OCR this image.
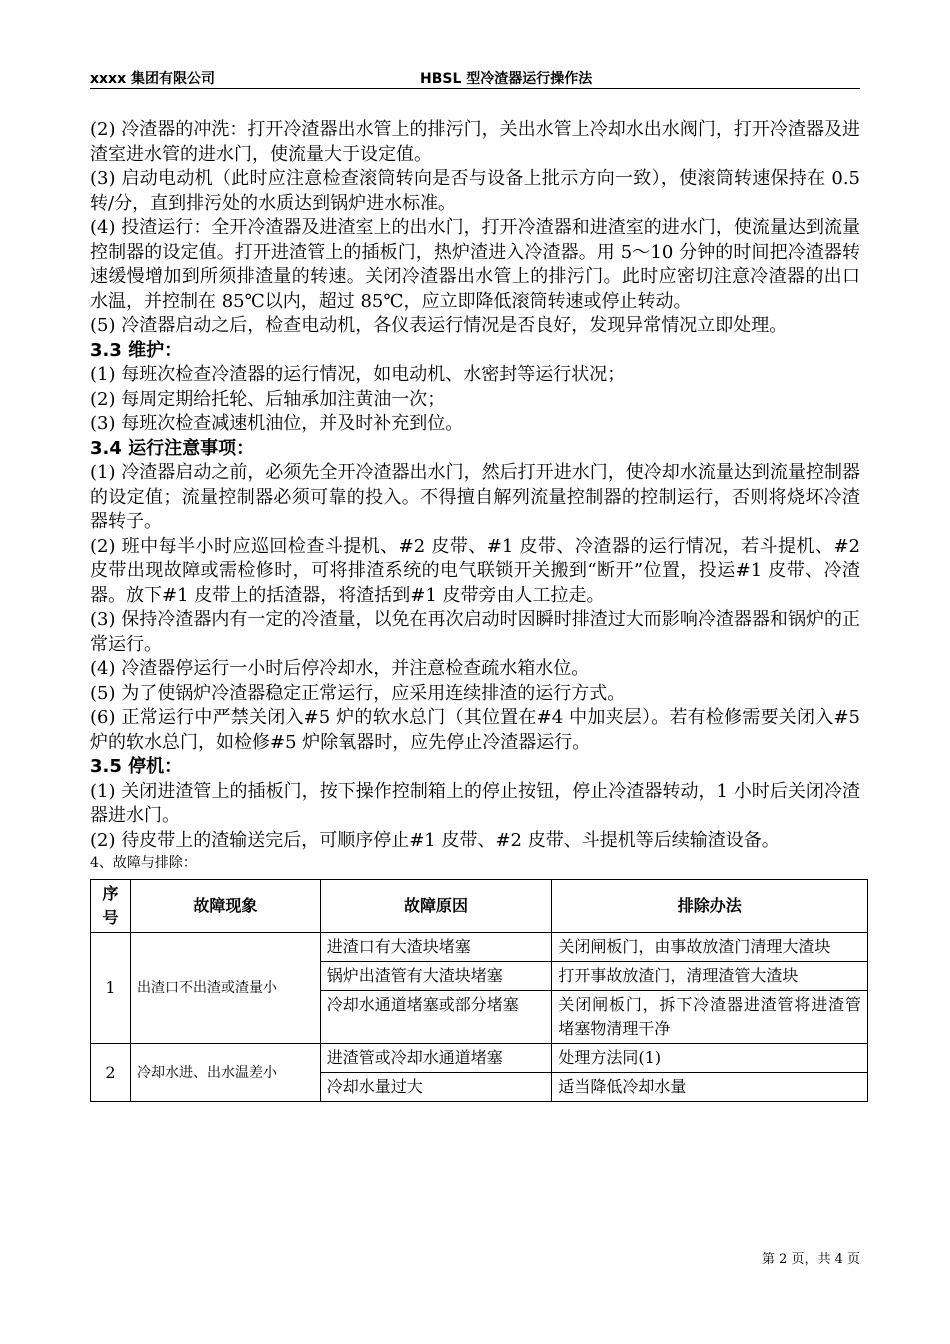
xxxx 集团有限公司	HBSL 型冷渣器运行操作法

(2) 冷渣器的冲洗：打开冷渣器出水管上的排污门，关出水管上冷却水出水阀门，打开冷渣器及进渣室进水管的进水门，使流量大于设定值。

(3) 启动电动机（此时应注意检查滚筒转向是否与设备上批示方向一致），使滚筒转速保持在 0.5 转/分，直到排污处的水质达到锅炉进水标准。

(4) 投渣运行：全开冷渣器及进渣室上的出水门，打开冷渣器和进渣室的进水门，使流量达到流量控制器的设定值。打开进渣管上的插板门，热炉渣进入冷渣器。用 5～10 分钟的时间把冷渣器转速缓慢增加到所须排渣量的转速。关闭冷渣器出水管上的排污门。此时应密切注意冷渣器的出口水温，并控制在 85℃以内，超过 85℃，应立即降低滚筒转速或停止转动。

(5) 冷渣器启动之后，检查电动机，各仪表运行情况是否良好，发现异常情况立即处理。

3.3 维护：

(1) 每班次检查冷渣器的运行情况，如电动机、水密封等运行状况；

(2) 每周定期给托轮、后轴承加注黄油一次；

(3) 每班次检查减速机油位，并及时补充到位。

3.4 运行注意事项：

(1) 冷渣器启动之前，必须先全开冷渣器出水门，然后打开进水门，使冷却水流量达到流量控制器的设定值；流量控制器必须可靠的投入。不得擅自解列流量控制器的控制运行，否则将烧坏冷渣器转子。

(2) 班中每半小时应巡回检查斗提机、#2 皮带、#1 皮带、冷渣器的运行情况，若斗提机、#2 皮带出现故障或需检修时，可将排渣系统的电气联锁开关搬到“断开”位置，投运#1 皮带、冷渣器。放下#1 皮带上的括渣器，将渣括到#1 皮带旁由人工拉走。

(3) 保持冷渣器内有一定的冷渣量，以免在再次启动时因瞬时排渣过大而影响冷渣器器和锅炉的正常运行。

(4) 冷渣器停运行一小时后停冷却水，并注意检查疏水箱水位。

(5) 为了使锅炉冷渣器稳定正常运行，应采用连续排渣的运行方式。

(6) 正常运行中严禁关闭入#5 炉的软水总门（其位置在#4 中加夹层）。若有检修需要关闭入#5 炉的软水总门，如检修#5 炉除氧器时，应先停止冷渣器运行。

3.5 停机：

(1) 关闭进渣管上的插板门，按下操作控制箱上的停止按钮，停止冷渣器转动，1 小时后关闭冷渣器进水门。

(2) 待皮带上的渣输送完后，可顺序停止#1 皮带、#2 皮带、斗提机等后续输渣设备。

4、故障与排除：

序号	故障现象	故障原因	排除办法
1	出渣口不出渣或渣量小	进渣口有大渣块堵塞	关闭闸板门，由事故放渣门清理大渣块
		锅炉出渣管有大渣块堵塞	打开事故放渣门，清理渣管大渣块
		冷却水通道堵塞或部分堵塞	关闭闸板门，拆下冷渣器进渣管将进渣管堵塞物清理干净
2	冷却水进、出水温差小	进渣管或冷却水通道堵塞	处理方法同(1)
		冷却水量过大	适当降低冷却水量
第 2 页，共 4 页
